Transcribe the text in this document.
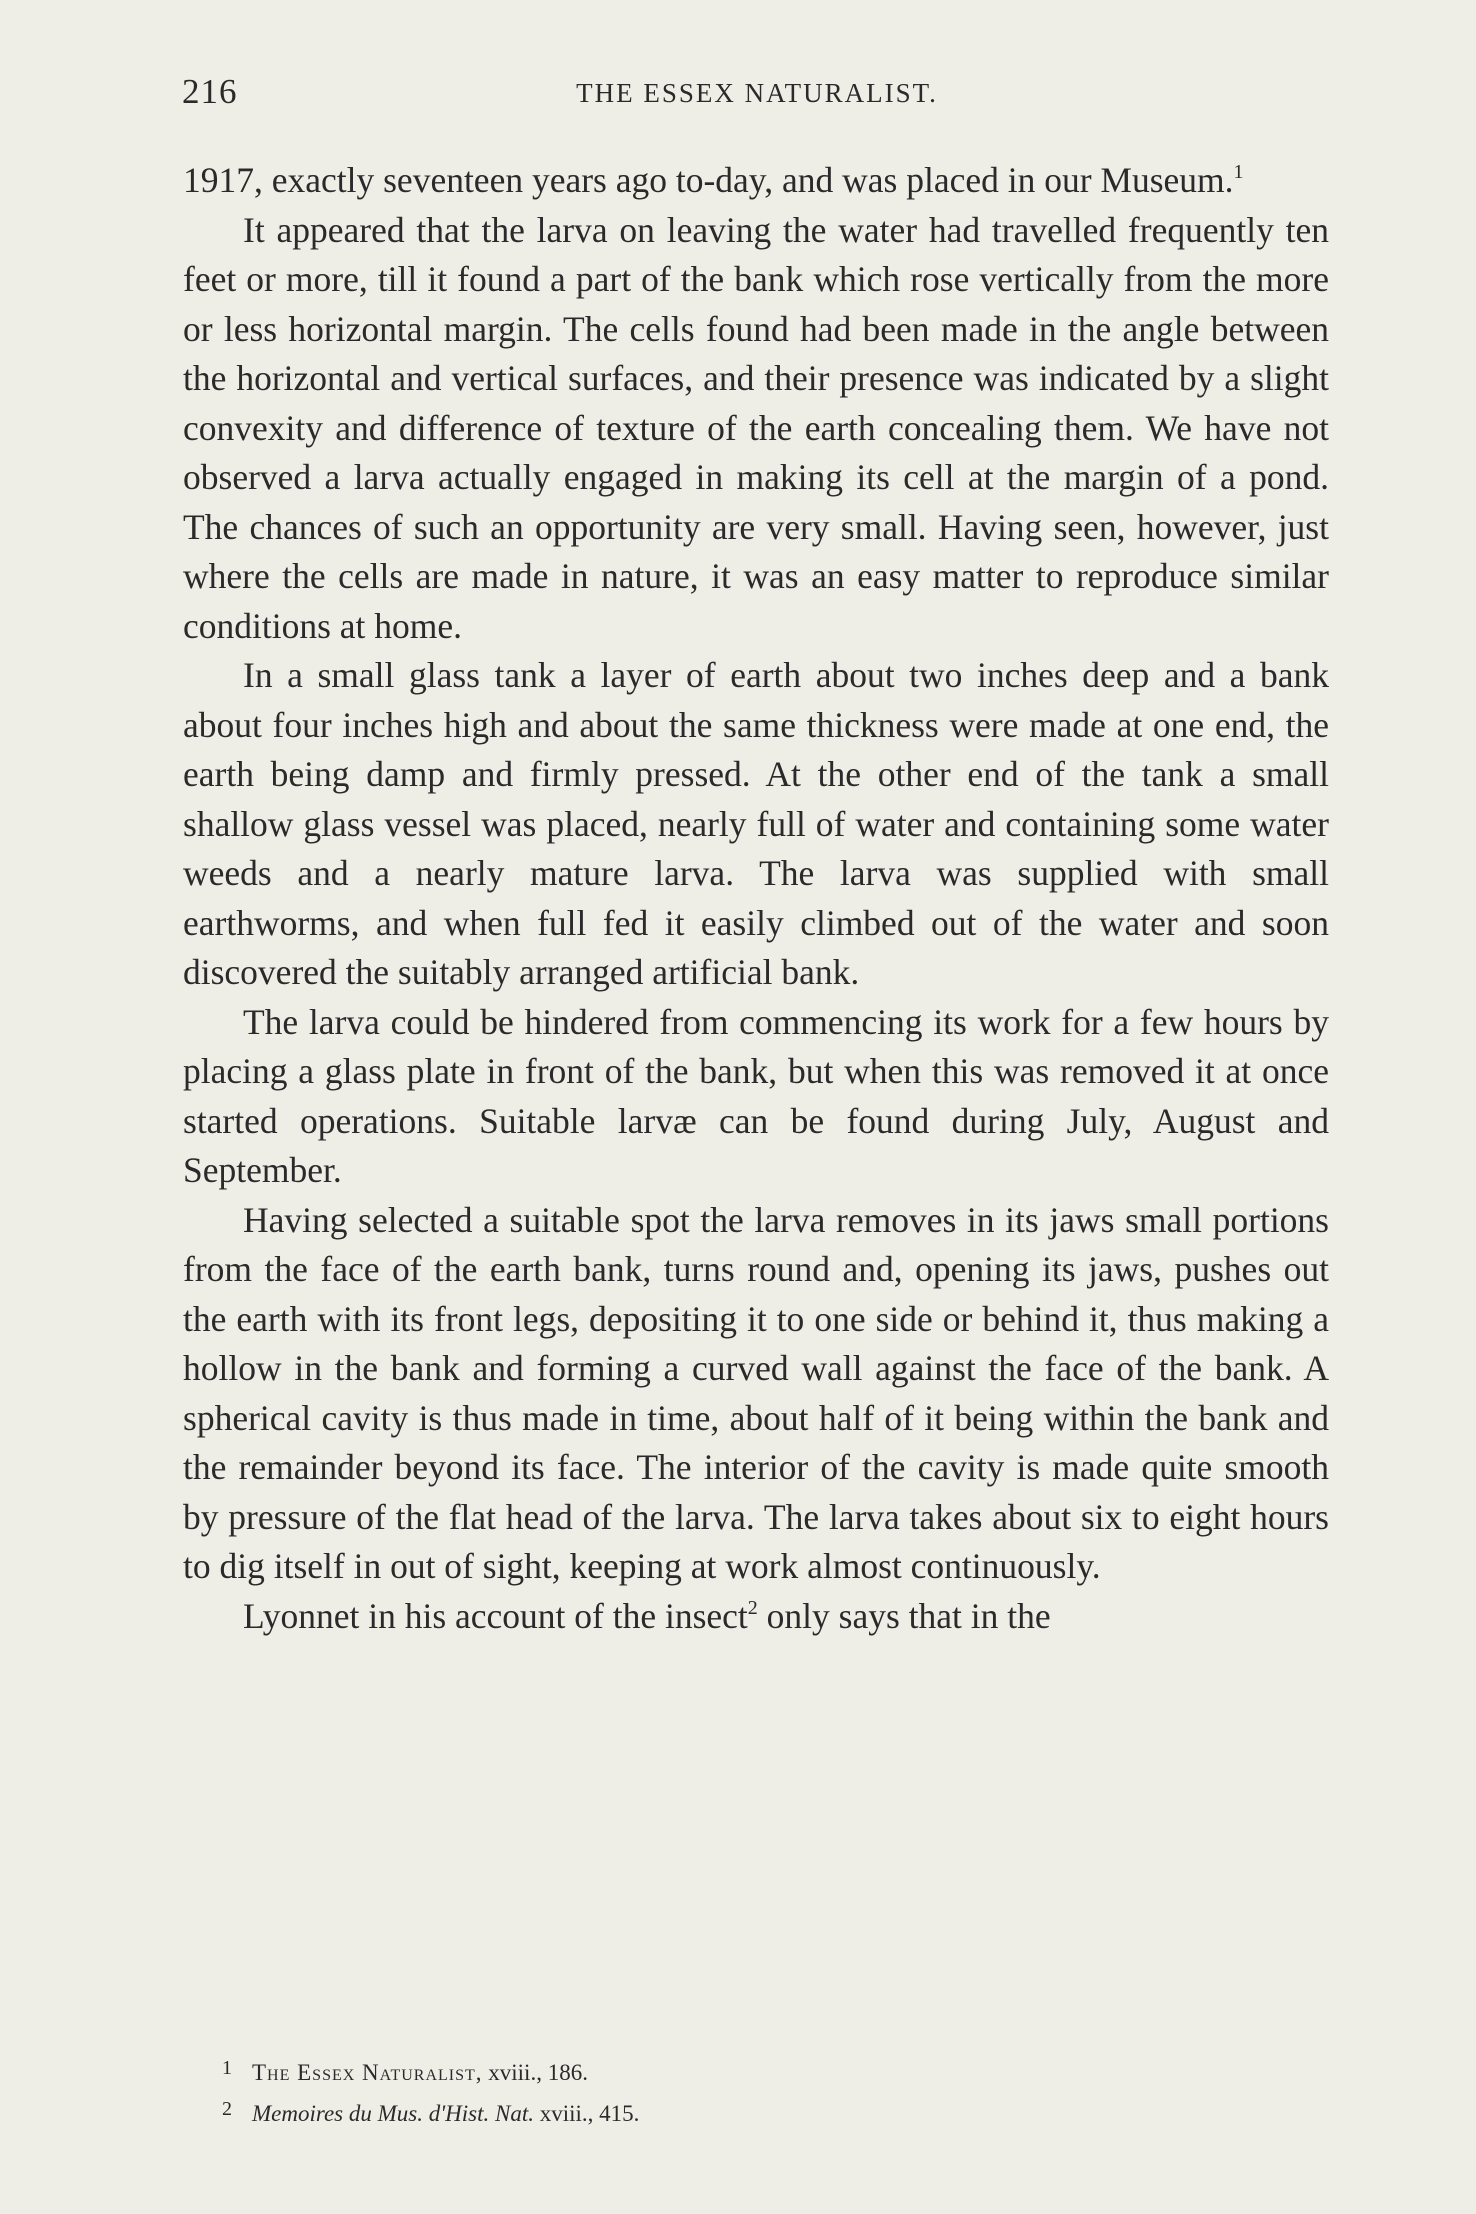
216	THE ESSEX NATURALIST.

1917, exactly seventeen years ago to-day, and was placed in our Museum.$^1$

It appeared that the larva on leaving the water had travelled frequently ten feet or more, till it found a part of the bank which rose vertically from the more or less horizontal margin. The cells found had been made in the angle between the horizontal and vertical surfaces, and their presence was indicated by a slight convexity and difference of texture of the earth concealing them. We have not observed a larva actually engaged in making its cell at the margin of a pond. The chances of such an opportunity are very small. Having seen, however, just where the cells are made in nature, it was an easy matter to reproduce similar conditions at home.

In a small glass tank a layer of earth about two inches deep and a bank about four inches high and about the same thickness were made at one end, the earth being damp and firmly pressed. At the other end of the tank a small shallow glass vessel was placed, nearly full of water and containing some water weeds and a nearly mature larva. The larva was supplied with small earthworms, and when full fed it easily climbed out of the water and soon discovered the suitably arranged artificial bank.

The larva could be hindered from commencing its work for a few hours by placing a glass plate in front of the bank, but when this was removed it at once started operations. Suitable larvæ can be found during July, August and September.

Having selected a suitable spot the larva removes in its jaws small portions from the face of the earth bank, turns round and, opening its jaws, pushes out the earth with its front legs, depositing it to one side or behind it, thus making a hollow in the bank and forming a curved wall against the face of the bank. A spherical cavity is thus made in time, about half of it being within the bank and the remainder beyond its face. The interior of the cavity is made quite smooth by pressure of the flat head of the larva. The larva takes about six to eight hours to dig itself in out of sight, keeping at work almost continuously.

Lyonnet in his account of the insect$^2$ only says that in the

1 The Essex Naturalist, xviii., 186.

2 Memoires du Mus. d'Hist. Nat. xviii., 415.
